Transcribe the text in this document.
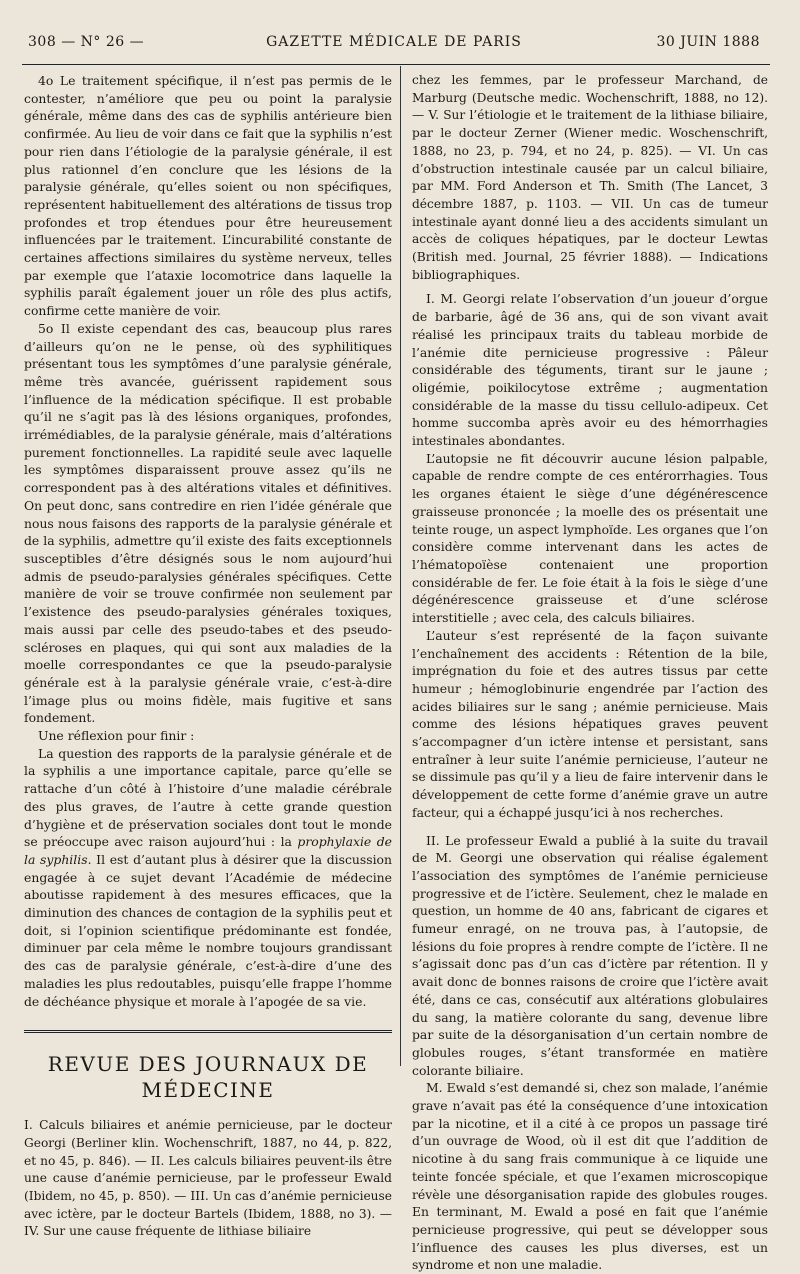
308 — N° 26 —	GAZETTE MÉDICALE DE PARIS	30 JUIN 1888

4o Le traitement spécifique, il n’est pas permis de le contester, n’améliore que peu ou point la paralysie générale, même dans des cas de syphilis antérieure bien confirmée. Au lieu de voir dans ce fait que la syphilis n’est pour rien dans l’étiologie de la paralysie générale, il est plus rationnel d’en conclure que les lésions de la paralysie générale, qu’elles soient ou non spécifiques, représentent habituellement des altérations de tissus trop profondes et trop étendues pour être heureusement influencées par le traitement. L’incurabilité constante de certaines affections similaires du système nerveux, telles par exemple que l’ataxie locomotrice dans laquelle la syphilis paraît également jouer un rôle des plus actifs, confirme cette manière de voir.

5o Il existe cependant des cas, beaucoup plus rares d’ailleurs qu’on ne le pense, où des syphilitiques présentant tous les symptômes d’une paralysie générale, même très avancée, guérissent rapidement sous l’influence de la médication spécifique. Il est probable qu’il ne s’agit pas là des lésions organiques, profondes, irrémédiables, de la paralysie générale, mais d’altérations purement fonctionnelles. La rapidité seule avec laquelle les symptômes disparaissent prouve assez qu’ils ne correspondent pas à des altérations vitales et définitives. On peut donc, sans contredire en rien l’idée générale que nous nous faisons des rapports de la paralysie générale et de la syphilis, admettre qu’il existe des faits exceptionnels susceptibles d’être désignés sous le nom aujourd’hui admis de pseudo-paralysies générales spécifiques. Cette manière de voir se trouve confirmée non seulement par l’existence des pseudo-paralysies générales toxiques, mais aussi par celle des pseudo-tabes et des pseudo-scléroses en plaques, qui qui sont aux maladies de la moelle correspondantes ce que la pseudo-paralysie générale est à la paralysie générale vraie, c’est-à-dire l’image plus ou moins fidèle, mais fugitive et sans fondement.

Une réflexion pour finir :

La question des rapports de la paralysie générale et de la syphilis a une importance capitale, parce qu’elle se rattache d’un côté à l’histoire d’une maladie cérébrale des plus graves, de l’autre à cette grande question d’hygiène et de préservation sociales dont tout le monde se préoccupe avec raison aujourd’hui : la prophylaxie de la syphilis. Il est d’autant plus à désirer que la discussion engagée à ce sujet devant l’Académie de médecine aboutisse rapidement à des mesures efficaces, que la diminution des chances de contagion de la syphilis peut et doit, si l’opinion scientifique prédominante est fondée, diminuer par cela même le nombre toujours grandissant des cas de paralysie générale, c’est-à-dire d’une des maladies les plus redoutables, puisqu’elle frappe l’homme de déchéance physique et morale à l’apogée de sa vie.

REVUE DES JOURNAUX DE MÉDECINE

I. Calculs biliaires et anémie pernicieuse, par le docteur Georgi (Berliner klin. Wochenschrift, 1887, no 44, p. 822, et no 45, p. 846). — II. Les calculs biliaires peuvent-ils être une cause d’anémie pernicieuse, par le professeur Ewald (Ibidem, no 45, p. 850). — III. Un cas d’anémie pernicieuse avec ictère, par le docteur Bartels (Ibidem, 1888, no 3). —IV. Sur une cause fréquente de lithiase biliaire

chez les femmes, par le professeur Marchand, de Marburg (Deutsche medic. Wochenschrift, 1888, no 12). — V. Sur l’étiologie et le traitement de la lithiase biliaire, par le docteur Zerner (Wiener medic. Woschenschrift, 1888, no 23, p. 794, et no 24, p. 825). — VI. Un cas d’obstruction intestinale causée par un calcul biliaire, par MM. Ford Anderson et Th. Smith (The Lancet, 3 décembre 1887, p. 1103. — VII. Un cas de tumeur intestinale ayant donné lieu a des accidents simulant un accès de coliques hépatiques, par le docteur Lewtas (British med. Journal, 25 février 1888). — Indications bibliographiques.

I. M. Georgi relate l’observation d’un joueur d’orgue de barbarie, âgé de 36 ans, qui de son vivant avait réalisé les principaux traits du tableau morbide de l’anémie dite pernicieuse progressive : Pâleur considérable des téguments, tirant sur le jaune ; oligémie, poikilocytose extrême ; augmentation considérable de la masse du tissu cellulo-adipeux. Cet homme succomba après avoir eu des hémorrhagies intestinales abondantes.

L’autopsie ne fit découvrir aucune lésion palpable, capable de rendre compte de ces entérorrhagies. Tous les organes étaient le siège d’une dégénérescence graisseuse prononcée ; la moelle des os présentait une teinte rouge, un aspect lymphoïde. Les organes que l’on considère comme intervenant dans les actes de l’hématopoïèse contenaient une proportion considérable de fer. Le foie était à la fois le siège d’une dégénérescence graisseuse et d’une sclérose interstitielle ; avec cela, des calculs biliaires.

L’auteur s’est représenté de la façon suivante l’enchaînement des accidents : Rétention de la bile, imprégnation du foie et des autres tissus par cette humeur ; hémoglobinurie engendrée par l’action des acides biliaires sur le sang ; anémie pernicieuse. Mais comme des lésions hépatiques graves peuvent s’accompagner d’un ictère intense et persistant, sans entraîner à leur suite l’anémie pernicieuse, l’auteur ne se dissimule pas qu’il y a lieu de faire intervenir dans le développement de cette forme d’anémie grave un autre facteur, qui a échappé jusqu’ici à nos recherches.

II. Le professeur Ewald a publié à la suite du travail de M. Georgi une observation qui réalise également l’association des symptômes de l’anémie pernicieuse progressive et de l’ictère. Seulement, chez le malade en question, un homme de 40 ans, fabricant de cigares et fumeur enragé, on ne trouva pas, à l’autopsie, de lésions du foie propres à rendre compte de l’ictère. Il ne s’agissait donc pas d’un cas d’ictère par rétention. Il y avait donc de bonnes raisons de croire que l’ictère avait été, dans ce cas, consécutif aux altérations globulaires du sang, la matière colorante du sang, devenue libre par suite de la désorganisation d’un certain nombre de globules rouges, s’étant transformée en matière colorante biliaire.

M. Ewald s’est demandé si, chez son malade, l’anémie grave n’avait pas été la conséquence d’une intoxication par la nicotine, et il a cité à ce propos un passage tiré d’un ouvrage de Wood, où il est dit que l’addition de nicotine à du sang frais communique à ce liquide une teinte foncée spéciale, et que l’examen microscopique révèle une désorganisation rapide des globules rouges. En terminant, M. Ewald a posé en fait que l’anémie pernicieuse progressive, qui peut se développer sous l’influence des causes les plus diverses, est un syndrome et non une maladie.
